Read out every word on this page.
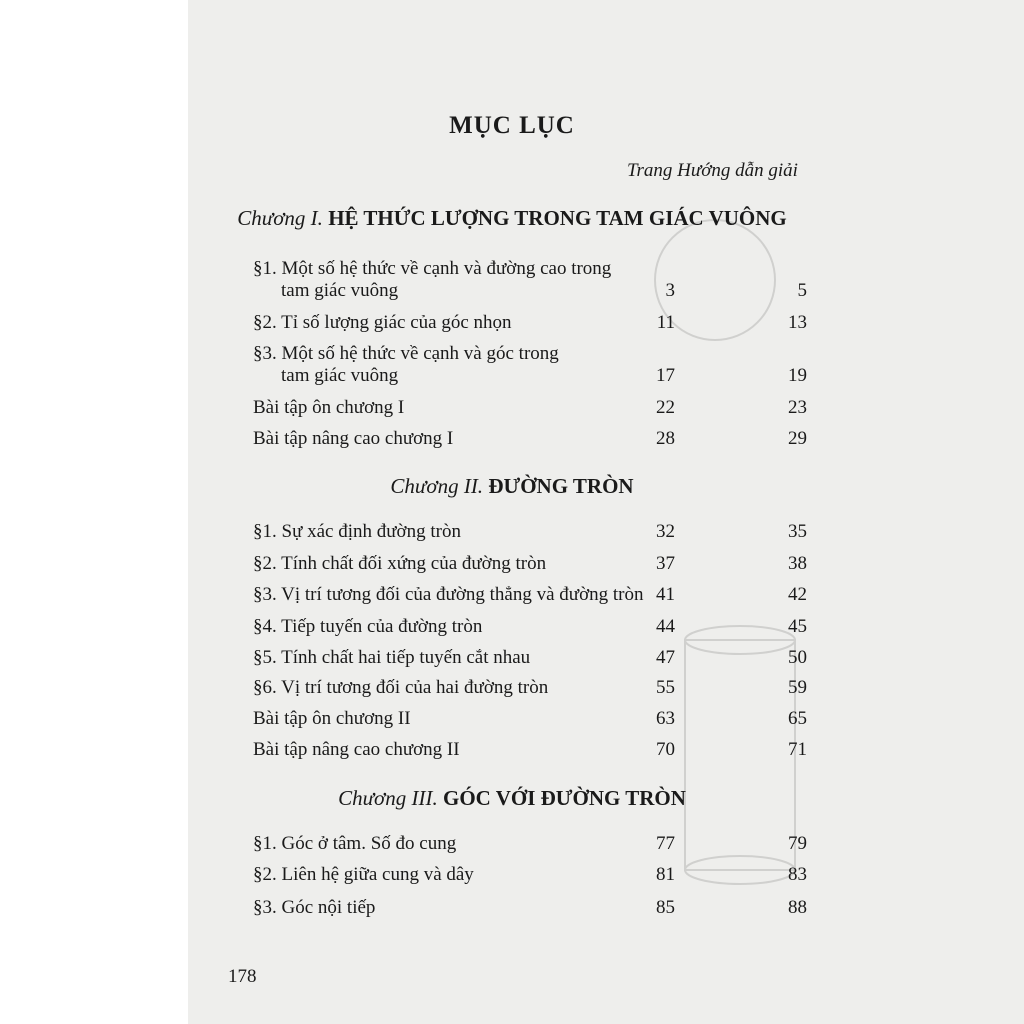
MỤC LỤC
Trang Hướng dẫn giải
Chương I. HỆ THỨC LƯỢNG TRONG TAM GIÁC VUÔNG
§1. Một số hệ thức về cạnh và đường cao trong
tam giác vuông	3	5
§2. Tỉ số lượng giác của góc nhọn	11	13
§3. Một số hệ thức về cạnh và góc trong
tam giác vuông	17	19
Bài tập ôn chương I	22	23
Bài tập nâng cao chương I	28	29
Chương II. ĐƯỜNG TRÒN
§1. Sự xác định đường tròn	32	35
§2. Tính chất đối xứng của đường tròn	37	38
§3. Vị trí tương đối của đường thẳng và đường tròn 41	42
§4. Tiếp tuyến của đường tròn	44	45
§5. Tính chất hai tiếp tuyến cắt nhau	47	50
§6. Vị trí tương đối của hai đường tròn	55	59
Bài tập ôn chương II	63	65
Bài tập nâng cao chương II	70	71
Chương III. GÓC VỚI ĐƯỜNG TRÒN
§1. Góc ở tâm. Số đo cung	77	79
§2. Liên hệ giữa cung và dây	81	83
§3. Góc nội tiếp	85	88
178
